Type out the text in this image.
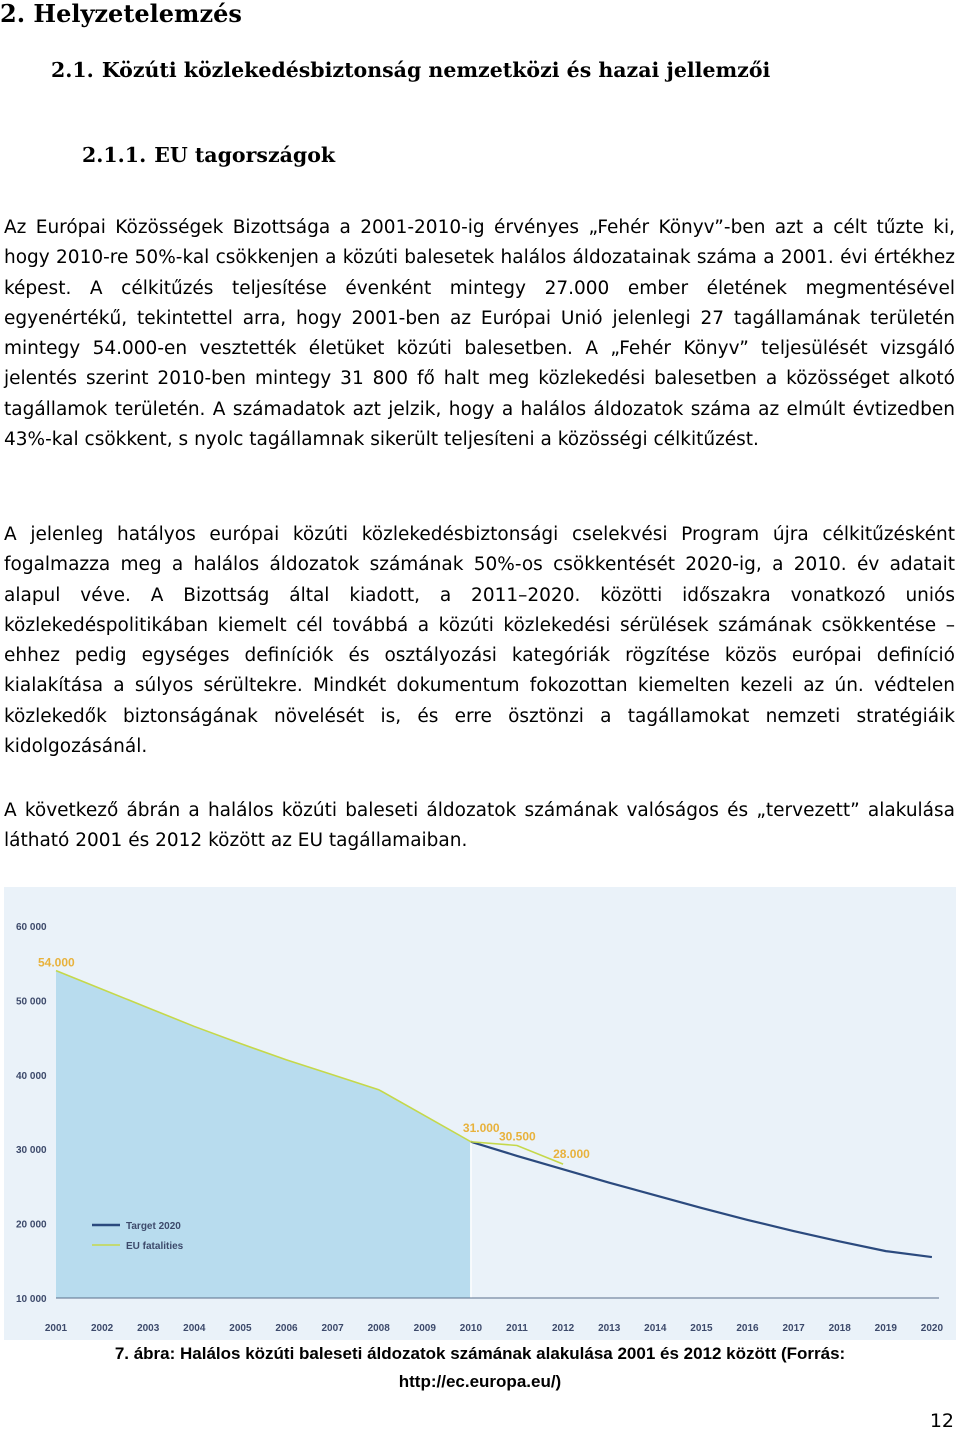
2. Helyzetelemzés
2.1. Közúti közlekedésbiztonság nemzetközi és hazai jellemzői
2.1.1. EU tagországok

Az Európai Közösségek Bizottsága a 2001-2010-ig érvényes „Fehér Könyv”-ben azt a célt tűzte ki, hogy 2010-re 50%-kal csökkenjen a közúti balesetek halálos áldozatainak száma a 2001. évi értékhez képest. A célkitűzés teljesítése évenként mintegy 27.000 ember életének megmentésével egyenértékű, tekintettel arra, hogy 2001-ben az Európai Unió jelenlegi 27 tagállamának területén mintegy 54.000-en vesztették életüket közúti balesetben. A „Fehér Könyv” teljesülését vizsgáló jelentés szerint 2010-ben mintegy 31 800 fő halt meg közlekedési balesetben a közösséget alkotó tagállamok területén. A számadatok azt jelzik, hogy a halálos áldozatok száma az elmúlt évtizedben 43%-kal csökkent, s nyolc tagállamnak sikerült teljesíteni a közösségi célkitűzést.

A jelenleg hatályos európai közúti közlekedésbiztonsági cselekvési Program újra célkitűzésként fogalmazza meg a halálos áldozatok számának 50%-os csökkentését 2020-ig, a 2010. év adatait alapul véve. A Bizottság által kiadott, a 2011–2020. közötti időszakra vonatkozó uniós közlekedéspolitikában kiemelt cél továbbá a közúti közlekedési sérülések számának csökkentése – ehhez pedig egységes definíciók és osztályozási kategóriák rögzítése közös európai definíció kialakítása a súlyos sérültekre. Mindkét dokumentum fokozottan kiemelten kezeli az ún. védtelen közlekedők biztonságának növelését is, és erre ösztönzi a tagállamokat nemzeti stratégiáik kidolgozásánál.

A következő ábrán a halálos közúti baleseti áldozatok számának valóságos és „tervezett” alakulása látható 2001 és 2012 között az EU tagállamaiban.

60 000
50 000
40 000
30 000
20 000
10 000
2001 2002 2003 2004 2005 2006 2007 2008 2009 2010 2011 2012 2013 2014 2015 2016 2017 2018 2019 2020
54.000
31.000
30.500
28.000
Target 2020
EU fatalities

7. ábra: Halálos közúti baleseti áldozatok számának alakulása 2001 és 2012 között (Forrás: http://ec.europa.eu/)

12
